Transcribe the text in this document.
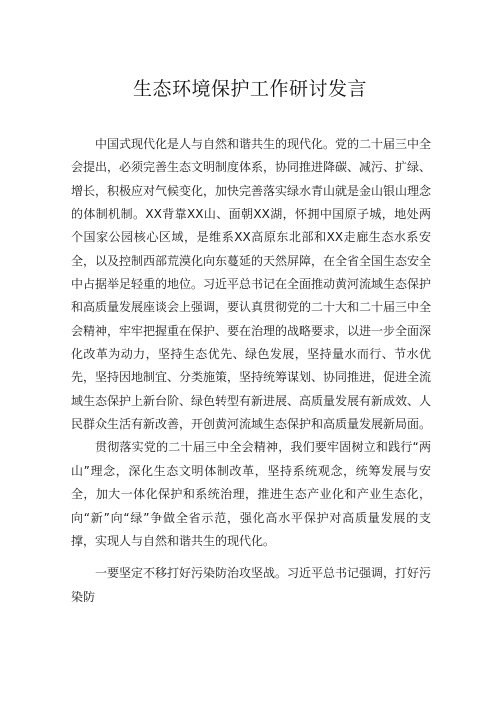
生态环境保护工作研讨发言

中国式现代化是人与自然和谐共生的现代化。党的二十届三中全会提出，必须完善生态文明制度体系，协同推进降碳、减污、扩绿、增长，积极应对气候变化，加快完善落实绿水青山就是金山银山理念的体制机制。XX背靠XX山、面朝XX湖，怀拥中国原子城，地处两个国家公园核心区域，是维系XX高原东北部和XX走廊生态水系安全，以及控制西部荒漠化向东蔓延的天然屏障，在全省全国生态安全中占据举足轻重的地位。习近平总书记在全面推动黄河流域生态保护和高质量发展座谈会上强调，要认真贯彻党的二十大和二十届三中全会精神，牢牢把握重在保护、要在治理的战略要求，以进一步全面深化改革为动力，坚持生态优先、绿色发展，坚持量水而行、节水优先，坚持因地制宜、分类施策，坚持统筹谋划、协同推进，促进全流域生态保护上新台阶、绿色转型有新进展、高质量发展有新成效、人民群众生活有新改善，开创黄河流域生态保护和高质量发展新局面。

贯彻落实党的二十届三中全会精神，我们要牢固树立和践行“两山”理念，深化生态文明体制改革，坚持系统观念，统筹发展与安全，加大一体化保护和系统治理，推进生态产业化和产业生态化，向“新”向“绿”争做全省示范，强化高水平保护对高质量发展的支撑，实现人与自然和谐共生的现代化。

一要坚定不移打好污染防治攻坚战。习近平总书记强调，打好污染防
